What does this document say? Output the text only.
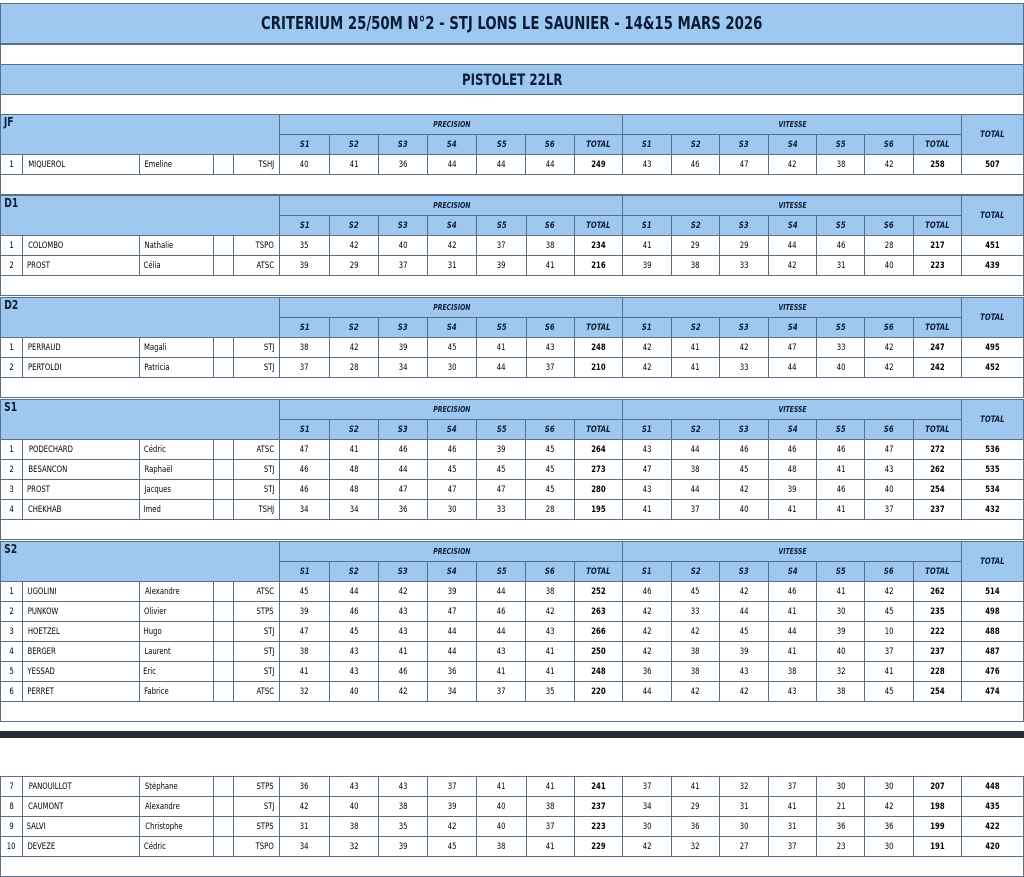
CRITERIUM 25/50M N°2 - STJ LONS LE SAUNIER - 14&15 MARS 2026
PISTOLET 22LR
JF					PRECISION							VITESSE							TOTAL
					S1	S2	S3	S4	S5	S6	TOTAL	S1	S2	S3	S4	S5	S6	TOTAL	
1	MIQUEROL	Emeline		TSHJ	40	41	36	44	44	44	249	43	46	47	42	38	42	258	507

D1					PRECISION							VITESSE							TOTAL
					S1	S2	S3	S4	S5	S6	TOTAL	S1	S2	S3	S4	S5	S6	TOTAL	
1	COLOMBO	Nathalie		TSPO	35	42	40	42	37	38	234	41	29	29	44	46	28	217	451
2	PROST	Célia		ATSC	39	29	37	31	39	41	216	39	38	33	42	31	40	223	439

D2					PRECISION							VITESSE							TOTAL
					S1	S2	S3	S4	S5	S6	TOTAL	S1	S2	S3	S4	S5	S6	TOTAL	
1	PERRAUD	Magali		STJ	38	42	39	45	41	43	248	42	41	42	47	33	42	247	495
2	PERTOLDI	Patricia		STJ	37	28	34	30	44	37	210	42	41	33	44	40	42	242	452

S1					PRECISION							VITESSE							TOTAL
					S1	S2	S3	S4	S5	S6	TOTAL	S1	S2	S3	S4	S5	S6	TOTAL	
1	PODECHARD	Cédric		ATSC	47	41	46	46	39	45	264	43	44	46	46	46	47	272	536
2	BESANCON	Raphaël		STJ	46	48	44	45	45	45	273	47	38	45	48	41	43	262	535
3	PROST	Jacques		STJ	46	48	47	47	47	45	280	43	44	42	39	46	40	254	534
4	CHEKHAB	Imed		TSHJ	34	34	36	30	33	28	195	41	37	40	41	41	37	237	432

S2					PRECISION							VITESSE							TOTAL
					S1	S2	S3	S4	S5	S6	TOTAL	S1	S2	S3	S4	S5	S6	TOTAL	
1	UGOLINI	Alexandre		ATSC	45	44	42	39	44	38	252	46	45	42	46	41	42	262	514
2	PUNKOW	Olivier		STPS	39	46	43	47	46	42	263	42	33	44	41	30	45	235	498
3	HOETZEL	Hugo		STJ	47	45	43	44	44	43	266	42	42	45	44	39	10	222	488
4	BERGER	Laurent		STJ	38	43	41	44	43	41	250	42	38	39	41	40	37	237	487
5	YESSAD	Eric		STJ	41	43	46	36	41	41	248	36	38	43	38	32	41	228	476
6	PERRET	Fabrice		ATSC	32	40	42	34	37	35	220	44	42	42	43	38	45	254	474

7	PANOUILLOT	Stéphane		STPS	36	43	43	37	41	41	241	37	41	32	37	30	30	207	448
8	CAUMONT	Alexandre		STJ	42	40	38	39	40	38	237	34	29	31	41	21	42	198	435
9	SALVI	Christophe		STPS	31	38	35	42	40	37	223	30	36	30	31	36	36	199	422
10	DEVEZE	Cédric		TSPO	34	32	39	45	38	41	229	42	32	27	37	23	30	191	420
